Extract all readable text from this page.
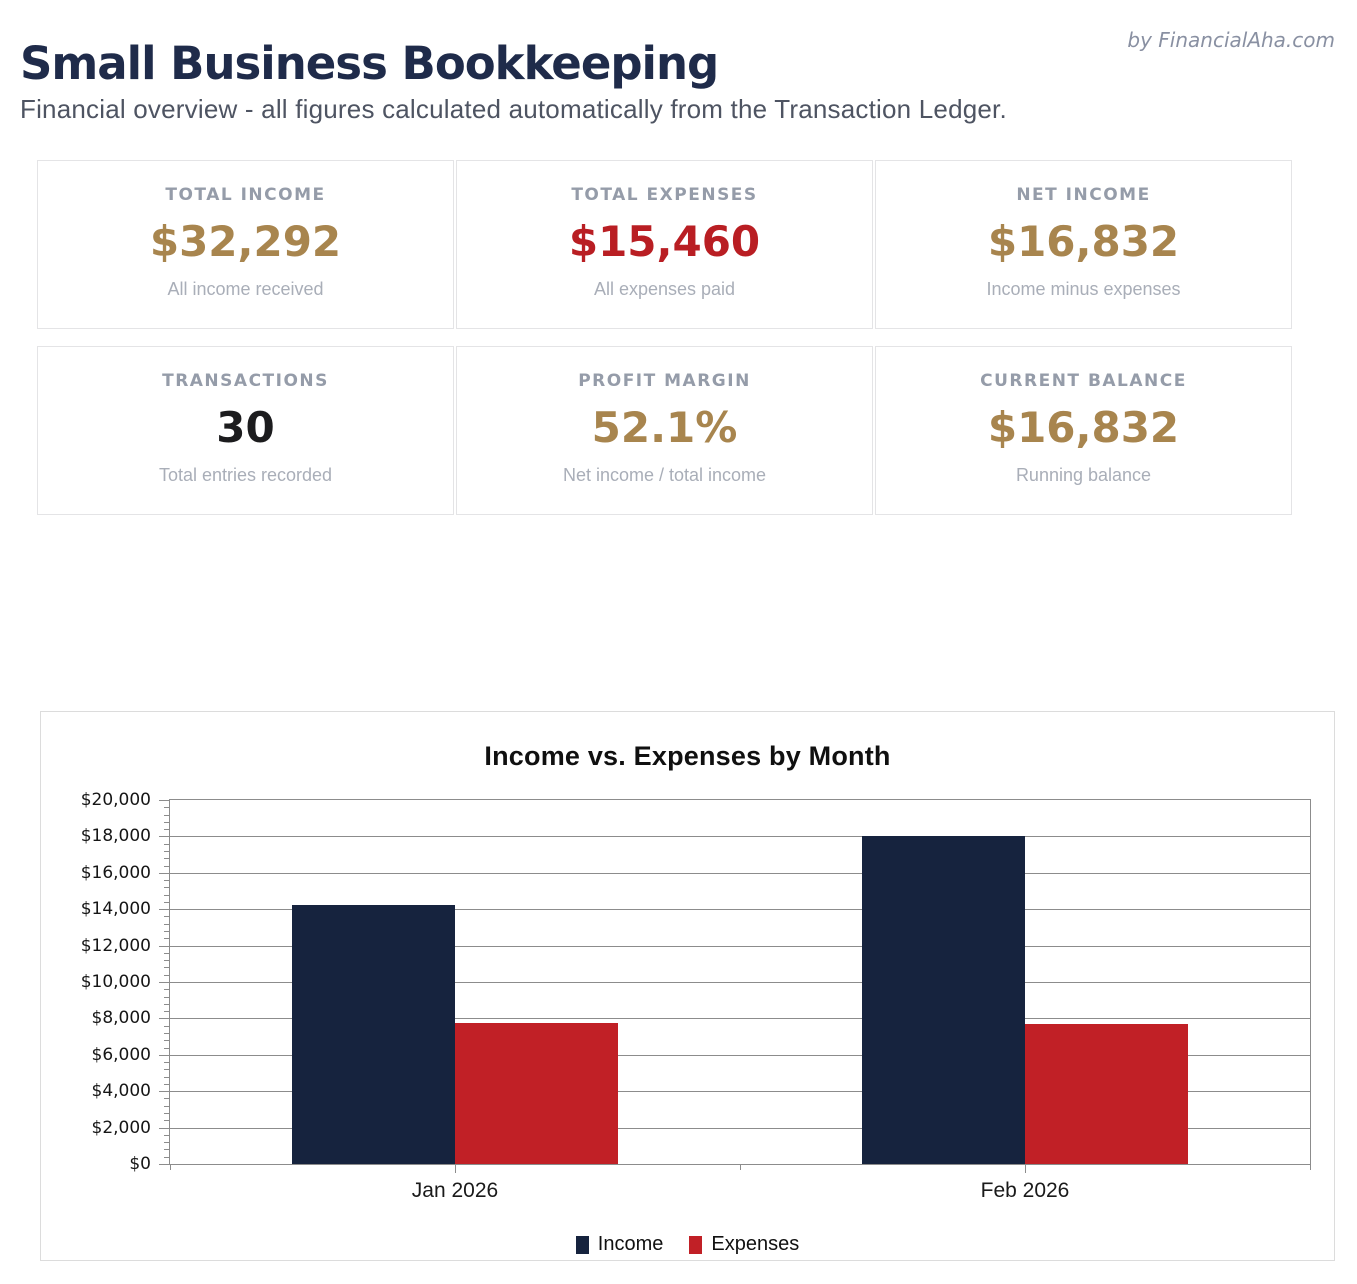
Small Business Bookkeeping	by FinancialAha.com
Financial overview - all figures calculated automatically from the Transaction Ledger.
TOTAL INCOME
$32,292
All income received
TOTAL EXPENSES
$15,460
All expenses paid
NET INCOME
$16,832
Income minus expenses
TRANSACTIONS
30
Total entries recorded
PROFIT MARGIN
52.1%
Net income / total income
CURRENT BALANCE
$16,832
Running balance
Income vs. Expenses by Month
$0
$2,000
$4,000
$6,000
$8,000
$10,000
$12,000
$14,000
$16,000
$18,000
$20,000
Jan 2026	Feb 2026
Income Expenses
